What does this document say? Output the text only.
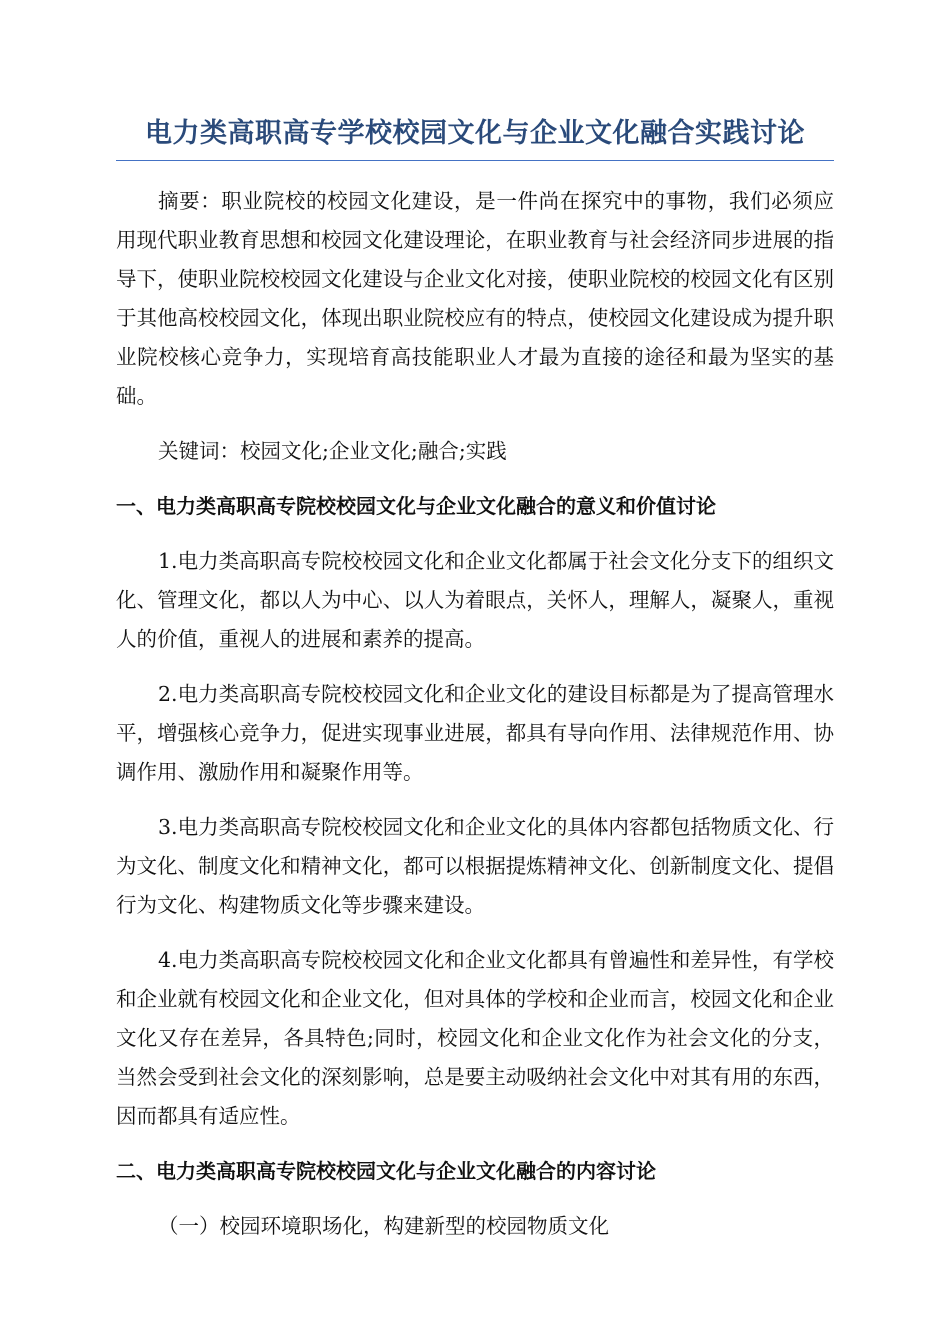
电力类高职高专学校校园文化与企业文化融合实践讨论

摘要：职业院校的校园文化建设，是一件尚在探究中的事物，我们必须应用现代职业教育思想和校园文化建设理论，在职业教育与社会经济同步进展的指导下，使职业院校校园文化建设与企业文化对接，使职业院校的校园文化有区别于其他高校校园文化，体现出职业院校应有的特点，使校园文化建设成为提升职业院校核心竞争力，实现培育高技能职业人才最为直接的途径和最为坚实的基础。

关键词：校园文化;企业文化;融合;实践

一、电力类高职高专院校校园文化与企业文化融合的意义和价值讨论

1.电力类高职高专院校校园文化和企业文化都属于社会文化分支下的组织文化、管理文化，都以人为中心、以人为着眼点，关怀人，理解人，凝聚人，重视人的价值，重视人的进展和素养的提高。

2.电力类高职高专院校校园文化和企业文化的建设目标都是为了提高管理水平，增强核心竞争力，促进实现事业进展，都具有导向作用、法律规范作用、协调作用、激励作用和凝聚作用等。

3.电力类高职高专院校校园文化和企业文化的具体内容都包括物质文化、行为文化、制度文化和精神文化，都可以根据提炼精神文化、创新制度文化、提倡行为文化、构建物质文化等步骤来建设。

4.电力类高职高专院校校园文化和企业文化都具有曾遍性和差异性，有学校和企业就有校园文化和企业文化，但对具体的学校和企业而言，校园文化和企业文化又存在差异，各具特色;同时，校园文化和企业文化作为社会文化的分支，当然会受到社会文化的深刻影响，总是要主动吸纳社会文化中对其有用的东西，因而都具有适应性。

二、电力类高职高专院校校园文化与企业文化融合的内容讨论

（一）校园环境职场化，构建新型的校园物质文化
